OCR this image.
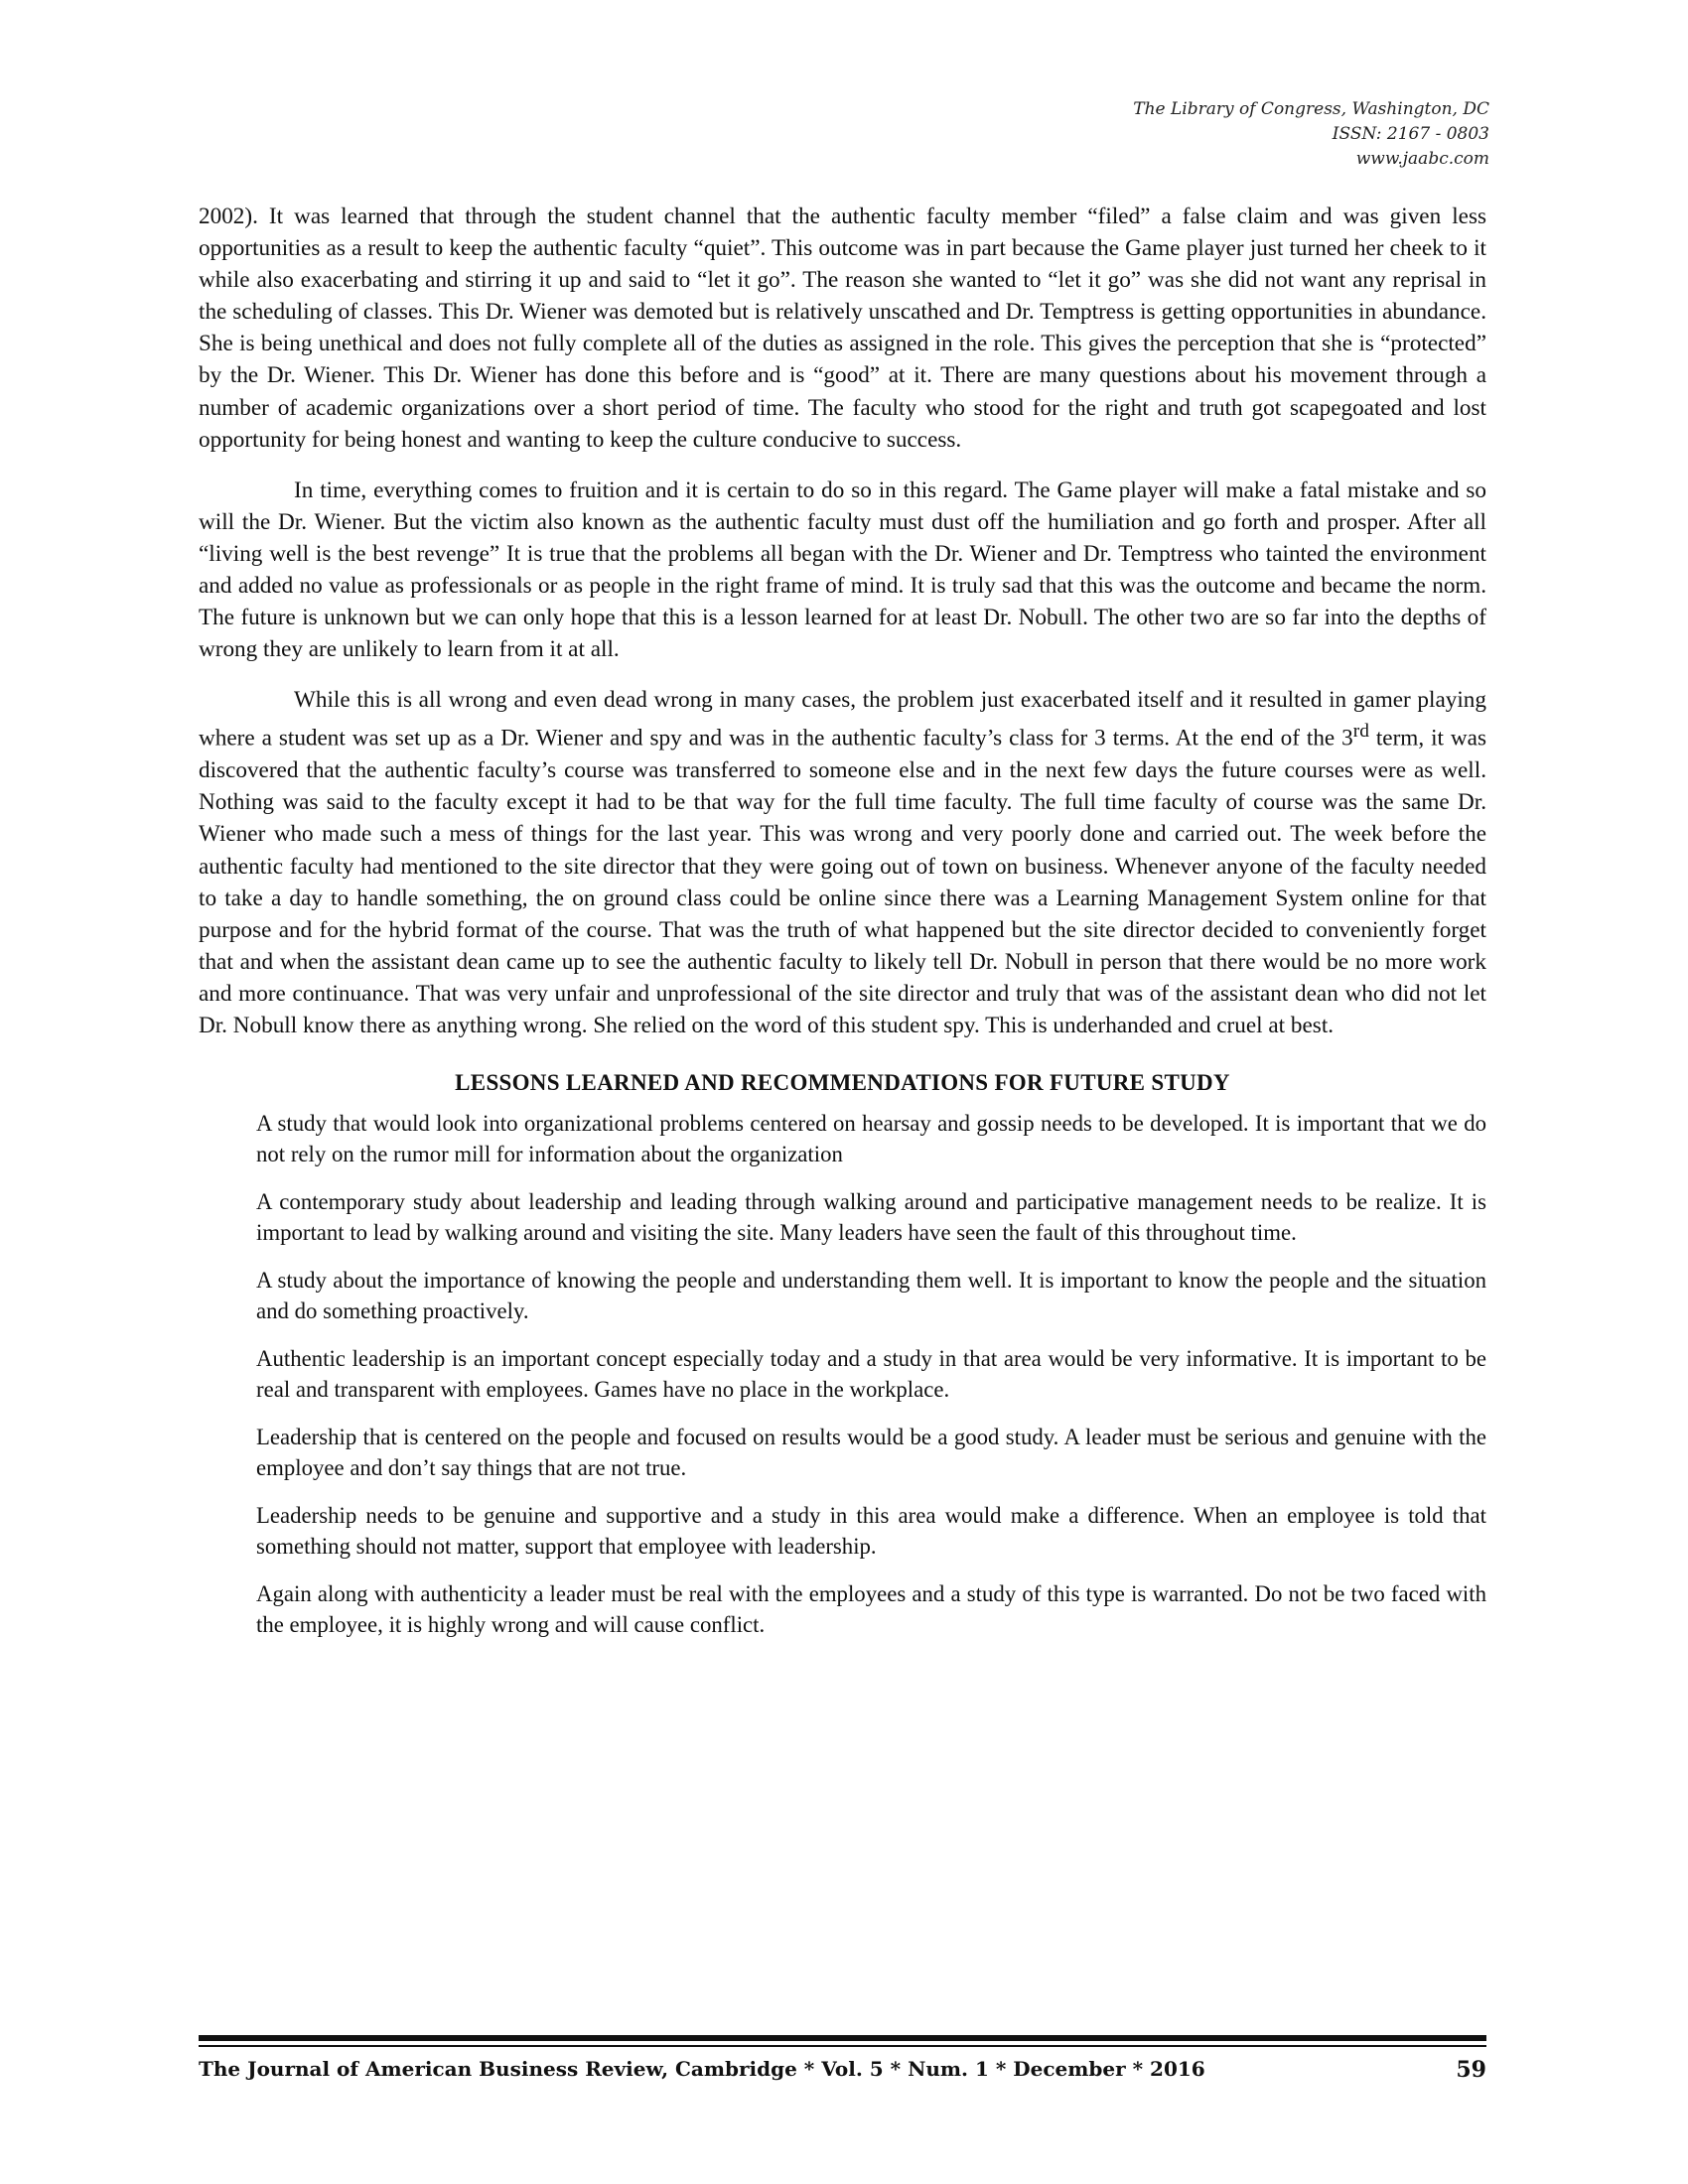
The Library of Congress, Washington, DC
ISSN: 2167 - 0803
www.jaabc.com

2002). It was learned that through the student channel that the authentic faculty member “filed” a false claim and was given less opportunities as a result to keep the authentic faculty “quiet”. This outcome was in part because the Game player just turned her cheek to it while also exacerbating and stirring it up and said to “let it go”. The reason she wanted to “let it go” was she did not want any reprisal in the scheduling of classes. This Dr. Wiener was demoted but is relatively unscathed and Dr. Temptress is getting opportunities in abundance. She is being unethical and does not fully complete all of the duties as assigned in the role. This gives the perception that she is “protected” by the Dr. Wiener. This Dr. Wiener has done this before and is “good” at it. There are many questions about his movement through a number of academic organizations over a short period of time. The faculty who stood for the right and truth got scapegoated and lost opportunity for being honest and wanting to keep the culture conducive to success.

In time, everything comes to fruition and it is certain to do so in this regard. The Game player will make a fatal mistake and so will the Dr. Wiener. But the victim also known as the authentic faculty must dust off the humiliation and go forth and prosper. After all “living well is the best revenge” It is true that the problems all began with the Dr. Wiener and Dr. Temptress who tainted the environment and added no value as professionals or as people in the right frame of mind. It is truly sad that this was the outcome and became the norm. The future is unknown but we can only hope that this is a lesson learned for at least Dr. Nobull. The other two are so far into the depths of wrong they are unlikely to learn from it at all.

While this is all wrong and even dead wrong in many cases, the problem just exacerbated itself and it resulted in gamer playing where a student was set up as a Dr. Wiener and spy and was in the authentic faculty’s class for 3 terms. At the end of the 3rd term, it was discovered that the authentic faculty’s course was transferred to someone else and in the next few days the future courses were as well. Nothing was said to the faculty except it had to be that way for the full time faculty. The full time faculty of course was the same Dr. Wiener who made such a mess of things for the last year. This was wrong and very poorly done and carried out. The week before the authentic faculty had mentioned to the site director that they were going out of town on business. Whenever anyone of the faculty needed to take a day to handle something, the on ground class could be online since there was a Learning Management System online for that purpose and for the hybrid format of the course. That was the truth of what happened but the site director decided to conveniently forget that and when the assistant dean came up to see the authentic faculty to likely tell Dr. Nobull in person that there would be no more work and more continuance. That was very unfair and unprofessional of the site director and truly that was of the assistant dean who did not let Dr. Nobull know there as anything wrong. She relied on the word of this student spy. This is underhanded and cruel at best.

LESSONS LEARNED AND RECOMMENDATIONS FOR FUTURE STUDY

A study that would look into organizational problems centered on hearsay and gossip needs to be developed. It is important that we do not rely on the rumor mill for information about the organization

A contemporary study about leadership and leading through walking around and participative management needs to be realize. It is important to lead by walking around and visiting the site. Many leaders have seen the fault of this throughout time.

A study about the importance of knowing the people and understanding them well. It is important to know the people and the situation and do something proactively.

Authentic leadership is an important concept especially today and a study in that area would be very informative. It is important to be real and transparent with employees. Games have no place in the workplace.

Leadership that is centered on the people and focused on results would be a good study. A leader must be serious and genuine with the employee and don’t say things that are not true.

Leadership needs to be genuine and supportive and a study in this area would make a difference. When an employee is told that something should not matter, support that employee with leadership.

Again along with authenticity a leader must be real with the employees and a study of this type is warranted. Do not be two faced with the employee, it is highly wrong and will cause conflict.

The Journal of American Business Review, Cambridge * Vol. 5 * Num. 1 * December * 2016	59
